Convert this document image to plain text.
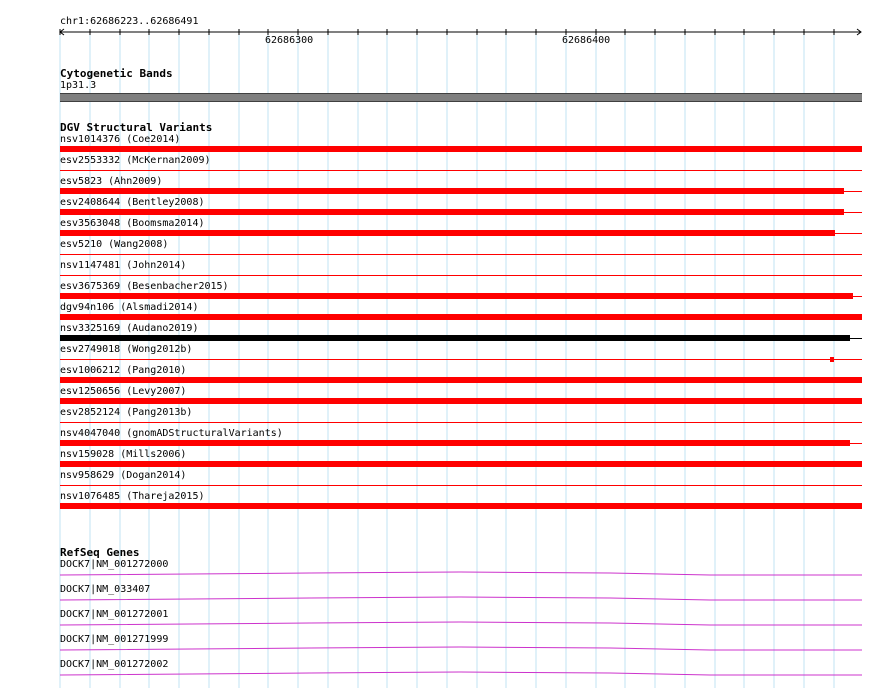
chr1:62686223..62686491
62686300	62686400
Cytogenetic Bands
1p31.3
DGV Structural Variants
nsv1014376 (Coe2014)
esv2553332 (McKernan2009)
esv5823 (Ahn2009)
esv2408644 (Bentley2008)
esv3563048 (Boomsma2014)
esv5210 (Wang2008)
nsv1147481 (John2014)
esv3675369 (Besenbacher2015)
dgv94n106 (Alsmadi2014)
nsv3325169 (Audano2019)
esv2749018 (Wong2012b)
esv1006212 (Pang2010)
esv1250656 (Levy2007)
esv2852124 (Pang2013b)
nsv4047040 (gnomADStructuralVariants)
nsv159028 (Mills2006)
nsv958629 (Dogan2014)
nsv1076485 (Thareja2015)
RefSeq Genes
DOCK7|NM_001272000
DOCK7|NM_033407
DOCK7|NM_001272001
DOCK7|NM_001271999
DOCK7|NM_001272002
